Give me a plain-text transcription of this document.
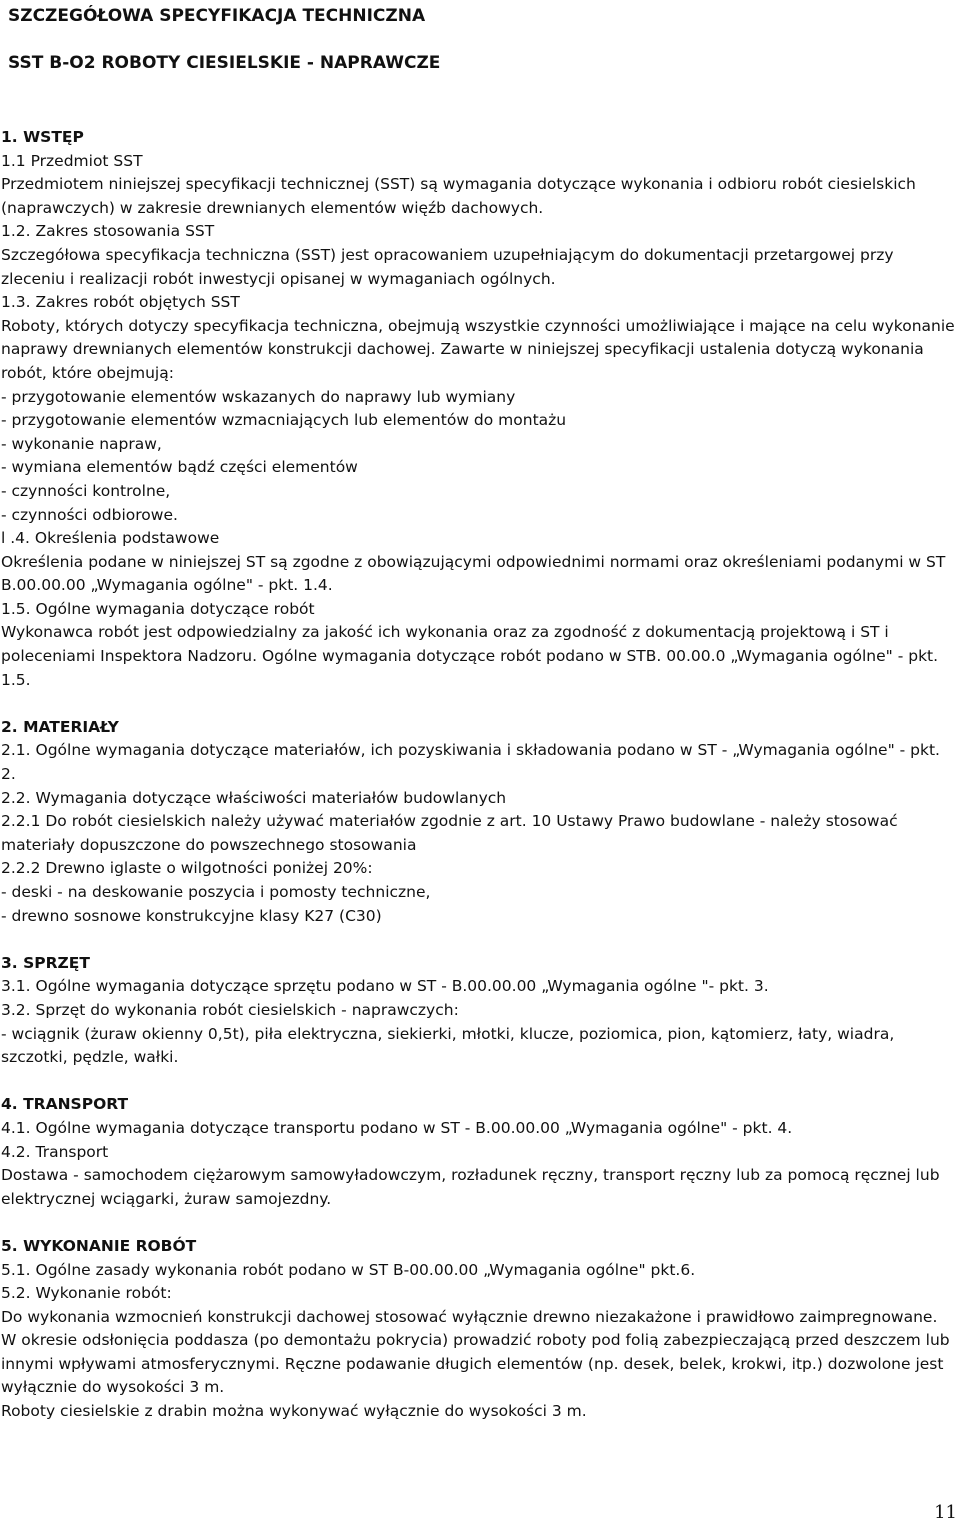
SZCZEGÓŁOWA SPECYFIKACJA TECHNICZNA
SST B-O2 ROBOTY CIESIELSKIE - NAPRAWCZE

1. WSTĘP

1.1 Przedmiot SST

Przedmiotem niniejszej specyfikacji technicznej (SST) są wymagania dotyczące wykonania i odbioru robót ciesielskich (naprawczych) w zakresie drewnianych elementów więźb dachowych.

1.2. Zakres stosowania SST

Szczegółowa specyfikacja techniczna (SST) jest opracowaniem uzupełniającym do dokumentacji przetargowej przy zleceniu i realizacji robót inwestycji opisanej w wymaganiach ogólnych.

1.3. Zakres robót objętych SST

Roboty, których dotyczy specyfikacja techniczna, obejmują wszystkie czynności umożliwiające i mające na celu wykonanie naprawy drewnianych elementów konstrukcji dachowej. Zawarte w niniejszej specyfikacji ustalenia dotyczą wykonania robót, które obejmują:

- przygotowanie elementów wskazanych do naprawy lub wymiany

- przygotowanie elementów wzmacniających lub elementów do montażu

- wykonanie napraw,

- wymiana elementów bądź części elementów

- czynności kontrolne,

- czynności odbiorowe.

l .4. Określenia podstawowe

Określenia podane w niniejszej ST są zgodne z obowiązującymi odpowiednimi normami oraz określeniami podanymi w ST B.00.00.00 „Wymagania ogólne" - pkt. 1.4.

1.5. Ogólne wymagania dotyczące robót

Wykonawca robót jest odpowiedzialny za jakość ich wykonania oraz za zgodność z dokumentacją projektową i ST i poleceniami Inspektora Nadzoru. Ogólne wymagania dotyczące robót podano w STB. 00.00.0 „Wymagania ogólne" - pkt. 1.5.

2. MATERIAŁY

2.1. Ogólne wymagania dotyczące materiałów, ich pozyskiwania i składowania podano w ST - „Wymagania ogólne" - pkt. 2.

2.2. Wymagania dotyczące właściwości materiałów budowlanych

2.2.1 Do robót ciesielskich należy używać materiałów zgodnie z art. 10 Ustawy Prawo budowlane - należy stosować materiały dopuszczone do powszechnego stosowania

2.2.2 Drewno iglaste o wilgotności poniżej 20%:

- deski - na deskowanie poszycia i pomosty techniczne,

- drewno sosnowe konstrukcyjne klasy K27 (C30)

3. SPRZĘT

3.1. Ogólne wymagania dotyczące sprzętu podano w ST - B.00.00.00 „Wymagania ogólne "- pkt. 3.

3.2. Sprzęt do wykonania robót ciesielskich - naprawczych:

- wciągnik (żuraw okienny 0,5t), piła elektryczna, siekierki, młotki, klucze, poziomica, pion, kątomierz, łaty, wiadra, szczotki, pędzle, wałki.

4. TRANSPORT

4.1. Ogólne wymagania dotyczące transportu podano w ST - B.00.00.00 „Wymagania ogólne" - pkt. 4.

4.2. Transport

Dostawa - samochodem ciężarowym samowyładowczym, rozładunek ręczny, transport ręczny lub za pomocą ręcznej lub elektrycznej wciągarki, żuraw samojezdny.

5. WYKONANIE ROBÓT

5.1. Ogólne zasady wykonania robót podano w ST B-00.00.00 „Wymagania ogólne" pkt.6.

5.2. Wykonanie robót:

Do wykonania wzmocnień konstrukcji dachowej stosować wyłącznie drewno niezakażone i prawidłowo zaimpregnowane. W okresie odsłonięcia poddasza (po demontażu pokrycia) prowadzić roboty pod folią zabezpieczającą przed deszczem lub innymi wpływami atmosferycznymi. Ręczne podawanie długich elementów (np. desek, belek, krokwi, itp.) dozwolone jest wyłącznie do wysokości 3 m.

Roboty ciesielskie z drabin można wykonywać wyłącznie do wysokości 3 m.

11
